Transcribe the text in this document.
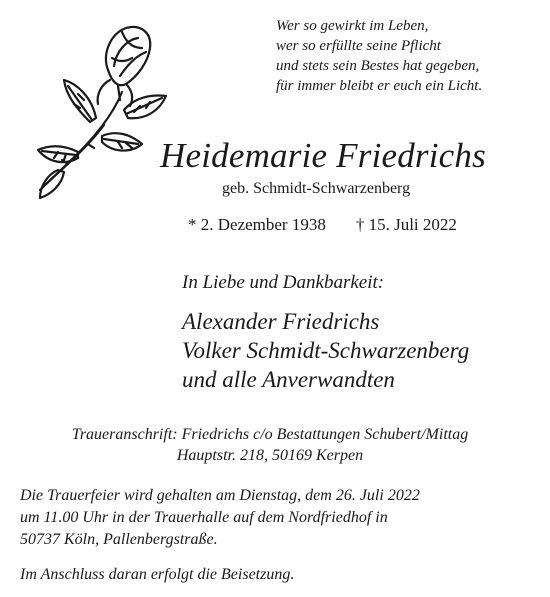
Wer so gewirkt im Leben,
wer so erfüllte seine Pflicht
und stets sein Bestes hat gegeben,
für immer bleibt er euch ein Licht.
Heidemarie Friedrichs
geb. Schmidt-Schwarzenberg
* 2. Dezember 1938 † 15. Juli 2022
In Liebe und Dankbarkeit:
Alexander Friedrichs
Volker Schmidt-Schwarzenberg
und alle Anverwandten
Traueranschrift: Friedrichs c/o Bestattungen Schubert/Mittag
Hauptstr. 218, 50169 Kerpen
Die Trauerfeier wird gehalten am Dienstag, dem 26. Juli 2022
um 11.00 Uhr in der Trauerhalle auf dem Nordfriedhof in
50737 Köln, Pallenbergstraße.
Im Anschluss daran erfolgt die Beisetzung.
